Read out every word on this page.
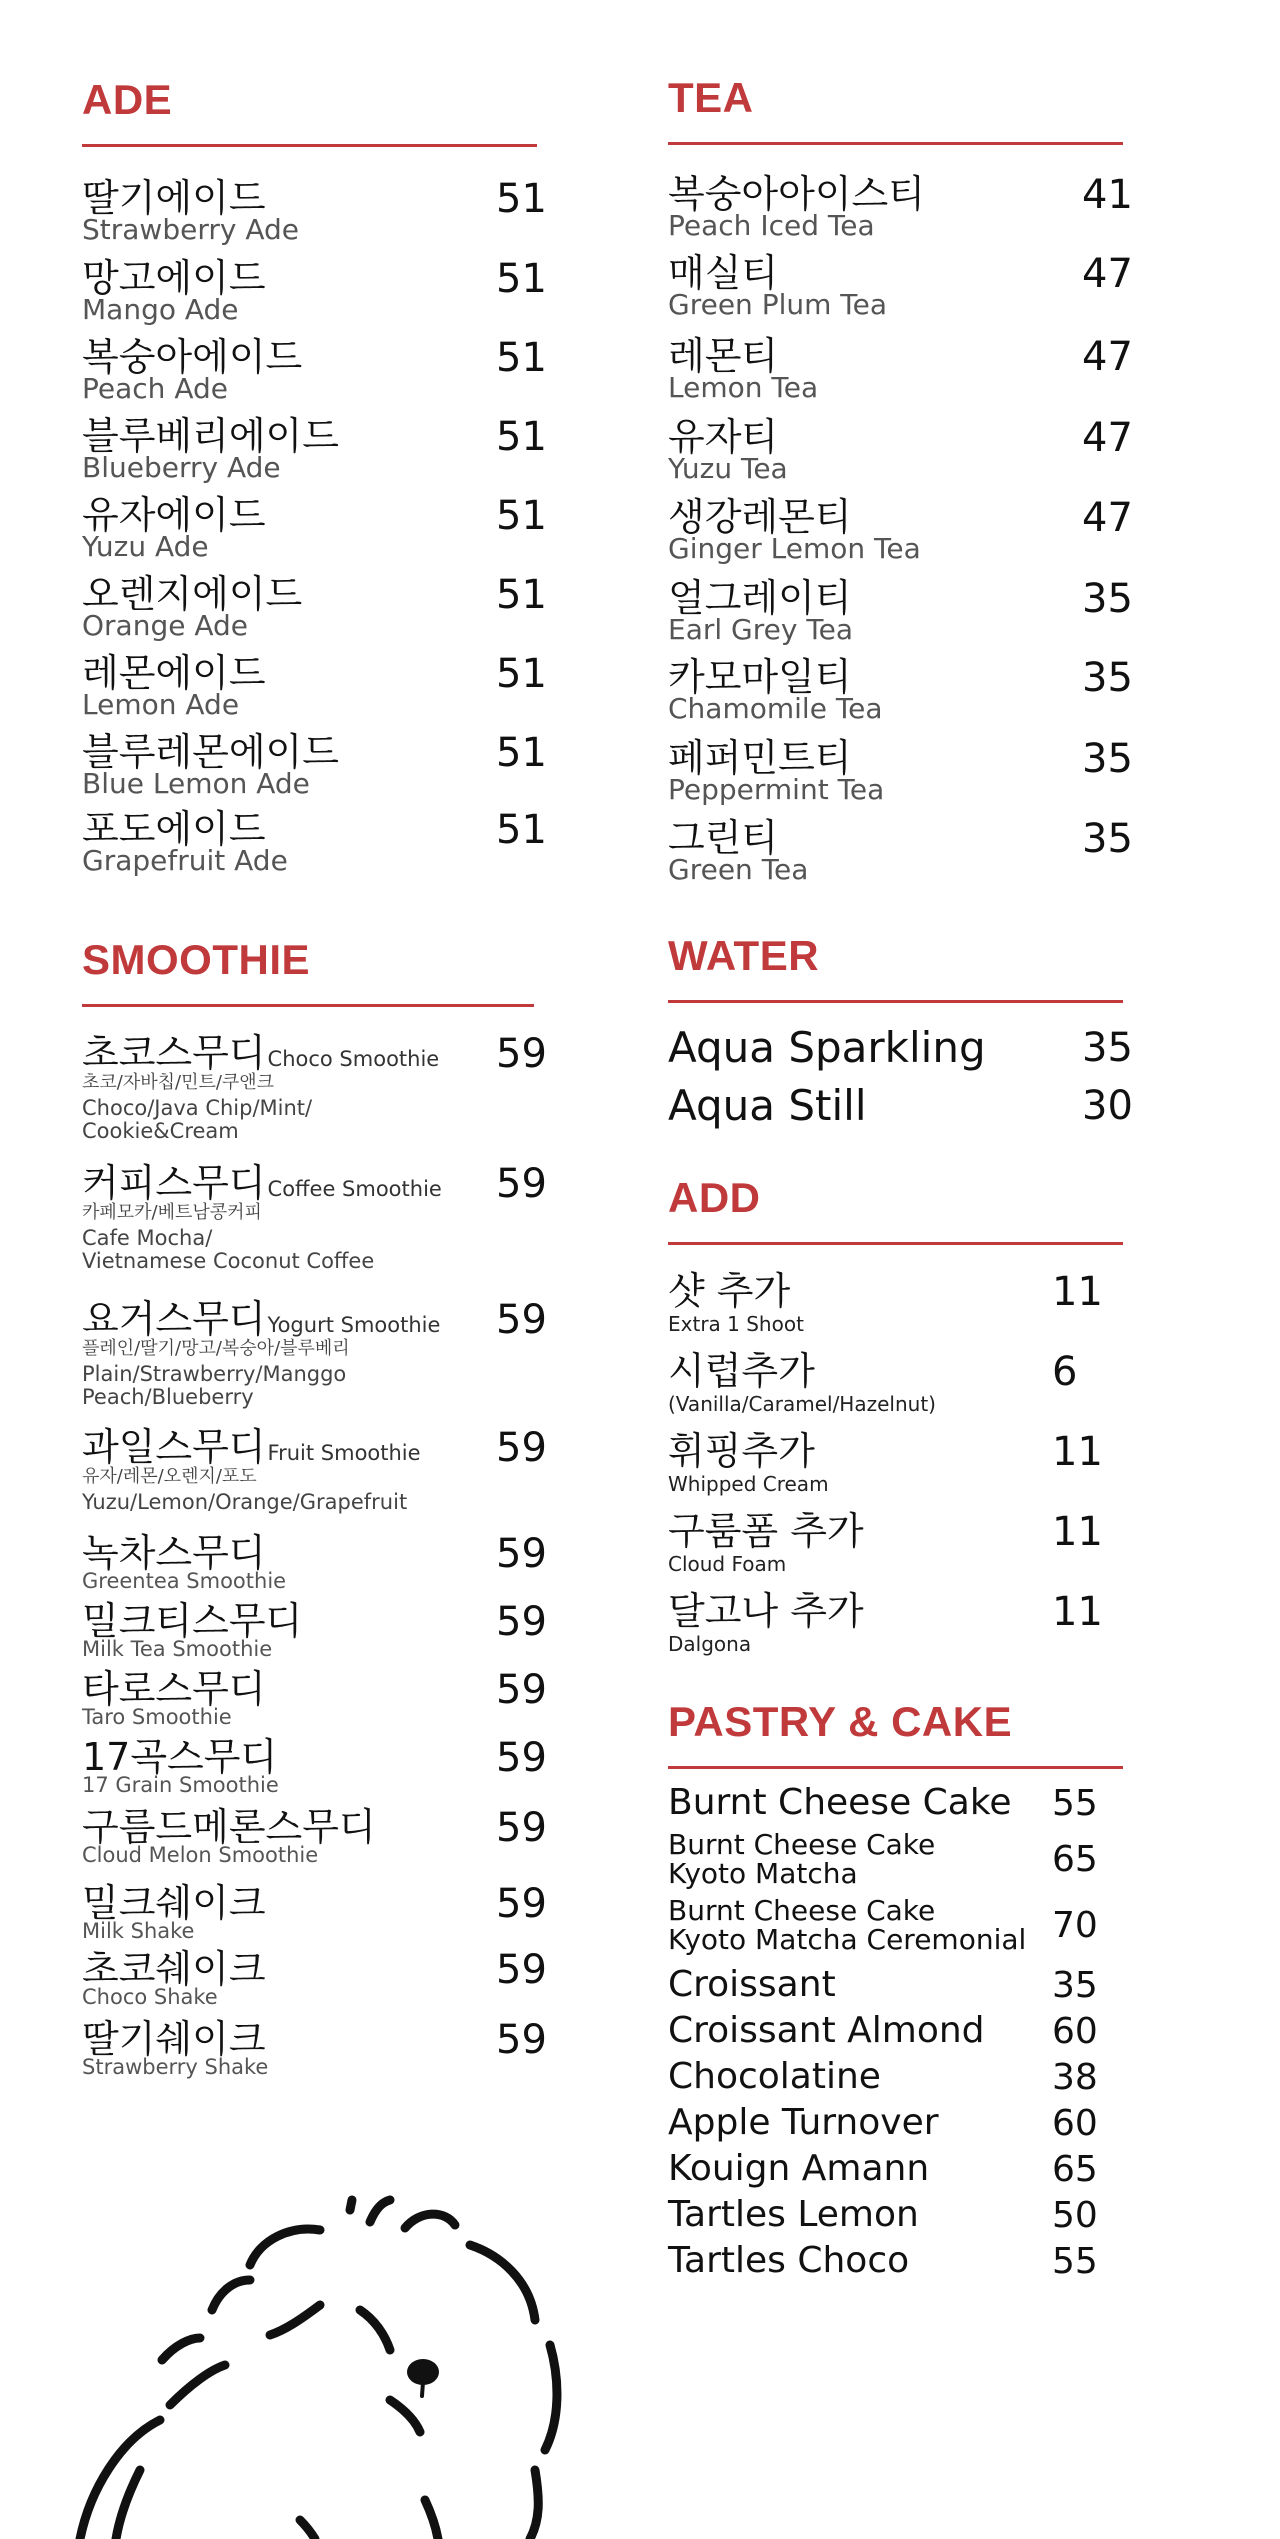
ADE
딸기에이드
Strawberry Ade
51
망고에이드
Mango Ade
51
복숭아에이드
Peach Ade
51
블루베리에이드
Blueberry Ade
51
유자에이드
Yuzu Ade
51
오렌지에이드
Orange Ade
51
레몬에이드
Lemon Ade
51
블루레몬에이드
Blue Lemon Ade
51
포도에이드
Grapefruit Ade
51
TEA
복숭아아이스티
Peach Iced Tea
41
매실티
Green Plum Tea
47
레몬티
Lemon Tea
47
유자티
Yuzu Tea
47
생강레몬티
Ginger Lemon Tea
47
얼그레이티
Earl Grey Tea
35
카모마일티
Chamomile Tea
35
페퍼민트티
Peppermint Tea
35
그린티
Green Tea
35
SMOOTHIE
초코스무디Choco Smoothie
초코/자바칩/민트/쿠앤크
Choco/Java Chip/Mint/
Cookie&Cream
59
커피스무디Coffee Smoothie
카페모카/베트남콩커피
Cafe Mocha/
Vietnamese Coconut Coffee
59
요거스무디Yogurt Smoothie
플레인/딸기/망고/복숭아/블루베리
Plain/Strawberry/Manggo
Peach/Blueberry
59
과일스무디Fruit Smoothie
유자/레몬/오렌지/포도
Yuzu/Lemon/Orange/Grapefruit
59
녹차스무디
Greentea Smoothie
59
밀크티스무디
Milk Tea Smoothie
59
타로스무디
Taro Smoothie
59
17곡스무디
17 Grain Smoothie
59
구름드메론스무디
Cloud Melon Smoothie
59
밀크쉐이크
Milk Shake
59
초코쉐이크
Choco Shake
59
딸기쉐이크
Strawberry Shake
59
WATER
Aqua Sparkling 35
Aqua Still	30
ADD
샷 추가
Extra 1 Shoot
11
시럽추가
(Vanilla/Caramel/Hazelnut)
6
휘핑추가
Whipped Cream
11
구룸폼 추가
Cloud Foam
11
달고나 추가
Dalgona
11
PASTRY & CAKE
Burnt Cheese Cake 55
Burnt Cheese Cake
Kyoto Matcha	65
Burnt Cheese Cake
Kyoto Matcha Ceremonial 70
Croissant	35
Croissant Almond 60
Chocolatine	38
Apple Turnover	60
Kouign Amann	65
Tartles Lemon	50
Tartles Choco	55
